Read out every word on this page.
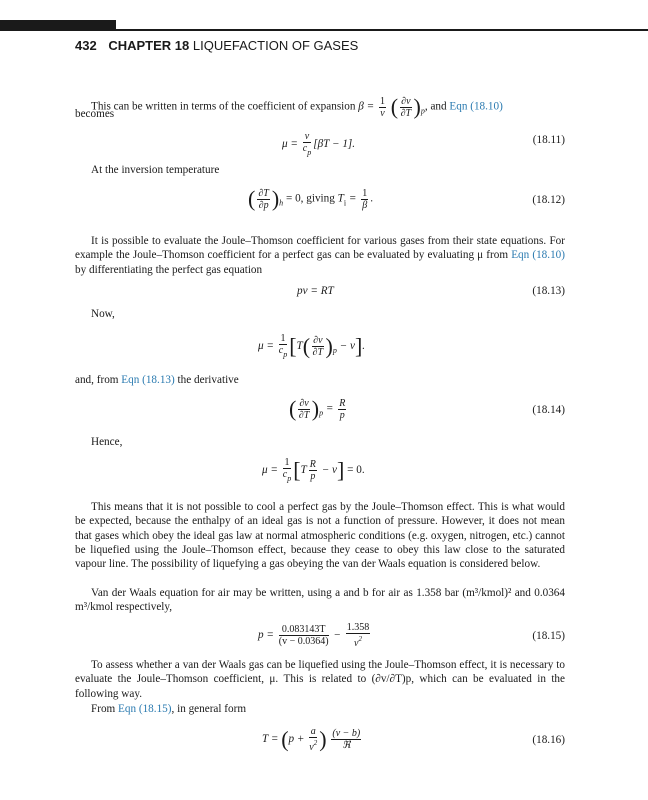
432 CHAPTER 18 LIQUEFACTION OF GASES
This can be written in terms of the coefficient of expansion $\beta = \frac{1}{v}$ ( $\frac{\partial v}{\partial T} )_p$, and Eqn (18.10)
becomes
$\mu = \frac{v}{c_p} [\beta T - 1]$.	(18.11)
At the inversion temperature
( $\frac{\partial T}{\partial p} )_h = 0$, giving $T_i = \frac{1}{\beta}$ .	(18.12)
It is possible to evaluate the Joule–Thomson coefficient for various gases from their state equations. For example the Joule–Thomson coefficient for a perfect gas can be evaluated by evaluating μ from Eqn (18.10) by differentiating the perfect gas equation
pv = RT	(18.13)
Now,
$\mu = \frac{1}{c_p} [T( \frac{\partial v}{\partial T} )_p - v]$.
and, from Eqn (18.13) the derivative
( $\frac{\partial v}{\partial T} )_p = \frac{R}{p}$	(18.14)
Hence,
$\mu = \frac{1}{c_p} [T \frac{R}{p} - v] = 0$.
This means that it is not possible to cool a perfect gas by the Joule–Thomson effect. This is what would be expected, because the enthalpy of an ideal gas is not a function of pressure. However, it does not mean that gases which obey the ideal gas law at normal atmospheric conditions (e.g. oxygen, nitrogen, etc.) cannot be liquefied using the Joule–Thomson effect, because they cease to obey this law close to the saturated vapour line. The possibility of liquefying a gas obeying the van der Waals equation is considered below.
Van der Waals equation for air may be written, using a and b for air as 1.358 bar (m³/kmol)² and 0.0364 m³/kmol respectively,
$p = \frac{0.083143T}{(v - 0.0364)} - \frac{1.358}{v^2}$	(18.15)
To assess whether a van der Waals gas can be liquefied using the Joule–Thomson effect, it is necessary to evaluate the Joule–Thomson coefficient, μ. This is related to (∂v/∂T)p, which can be evaluated in the following way.
From Eqn (18.15), in general form
$T = (p + \frac{a}{v^2}$ ) $\frac{(v - b)}{\text{ℜ}}$	(18.16)
